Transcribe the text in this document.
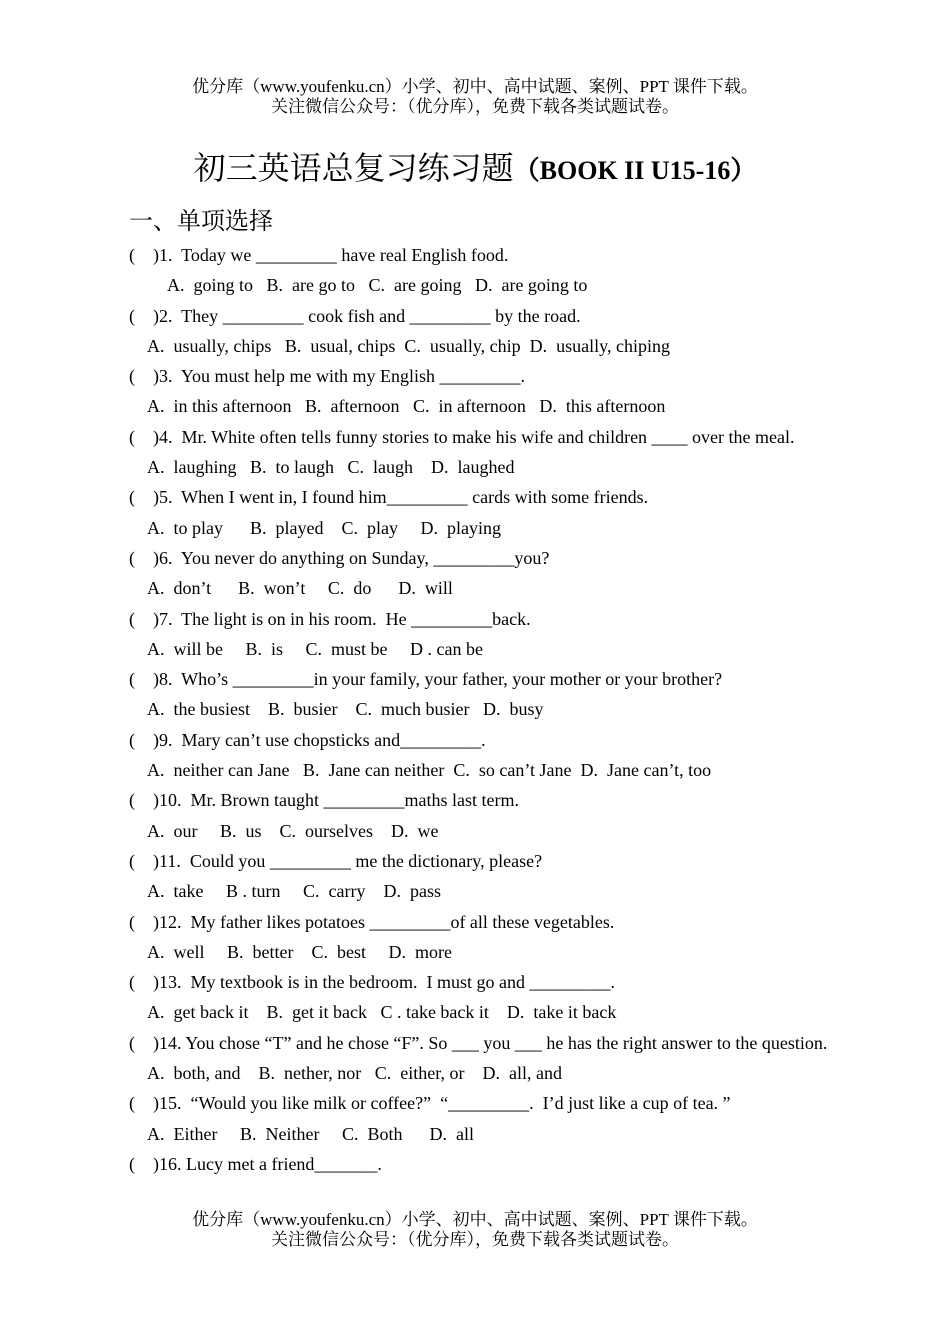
优分库（www.youfenku.cn）小学、初中、高中试题、案例、PPT 课件下载。
关注微信公众号：（优分库），免费下载各类试题试卷。
初三英语总复习练习题（BOOK II U15-16）
一、单项选择
(    )1.  Today we _________ have real English food.
A.  going to   B.  are go to   C.  are going   D.  are going to
(    )2.  They _________ cook fish and _________ by the road.
A.  usually, chips   B.  usual, chips  C.  usually, chip  D.  usually, chiping
(    )3.  You must help me with my English _________.
A.  in this afternoon   B.  afternoon   C.  in afternoon   D.  this afternoon
(    )4.  Mr. White often tells funny stories to make his wife and children ____ over the meal.
A.  laughing   B.  to laugh   C.  laugh    D.  laughed
(    )5.  When I went in, I found him_________ cards with some friends.
A.  to play      B.  played    C.  play     D.  playing
(    )6.  You never do anything on Sunday, _________you?
A.  don’t      B.  won’t     C.  do      D.  will
(    )7.  The light is on in his room.  He _________back.
A.  will be     B.  is     C.  must be     D . can be
(    )8.  Who’s _________in your family, your father, your mother or your brother?
A.  the busiest    B.  busier    C.  much busier   D.  busy
(    )9.  Mary can’t use chopsticks and_________.
A.  neither can Jane   B.  Jane can neither  C.  so can’t Jane  D.  Jane can’t, too
(    )10.  Mr. Brown taught _________maths last term.
A.  our     B.  us    C.  ourselves    D.  we
(    )11.  Could you _________ me the dictionary, please?
A.  take     B . turn     C.  carry    D.  pass
(    )12.  My father likes potatoes _________of all these vegetables.
A.  well     B.  better    C.  best     D.  more
(    )13.  My textbook is in the bedroom.  I must go and _________.
A.  get back it    B.  get it back   C . take back it    D.  take it back
(    )14. You chose “T” and he chose “F”. So ___ you ___ he has the right answer to the question.
A.  both, and    B.  nether, nor   C.  either, or    D.  all, and
(    )15.  “Would you like milk or coffee?”  “_________.  I’d just like a cup of tea. ”
A.  Either     B.  Neither     C.  Both      D.  all
(    )16. Lucy met a friend_______.
优分库（www.youfenku.cn）小学、初中、高中试题、案例、PPT 课件下载。
关注微信公众号：（优分库），免费下载各类试题试卷。
